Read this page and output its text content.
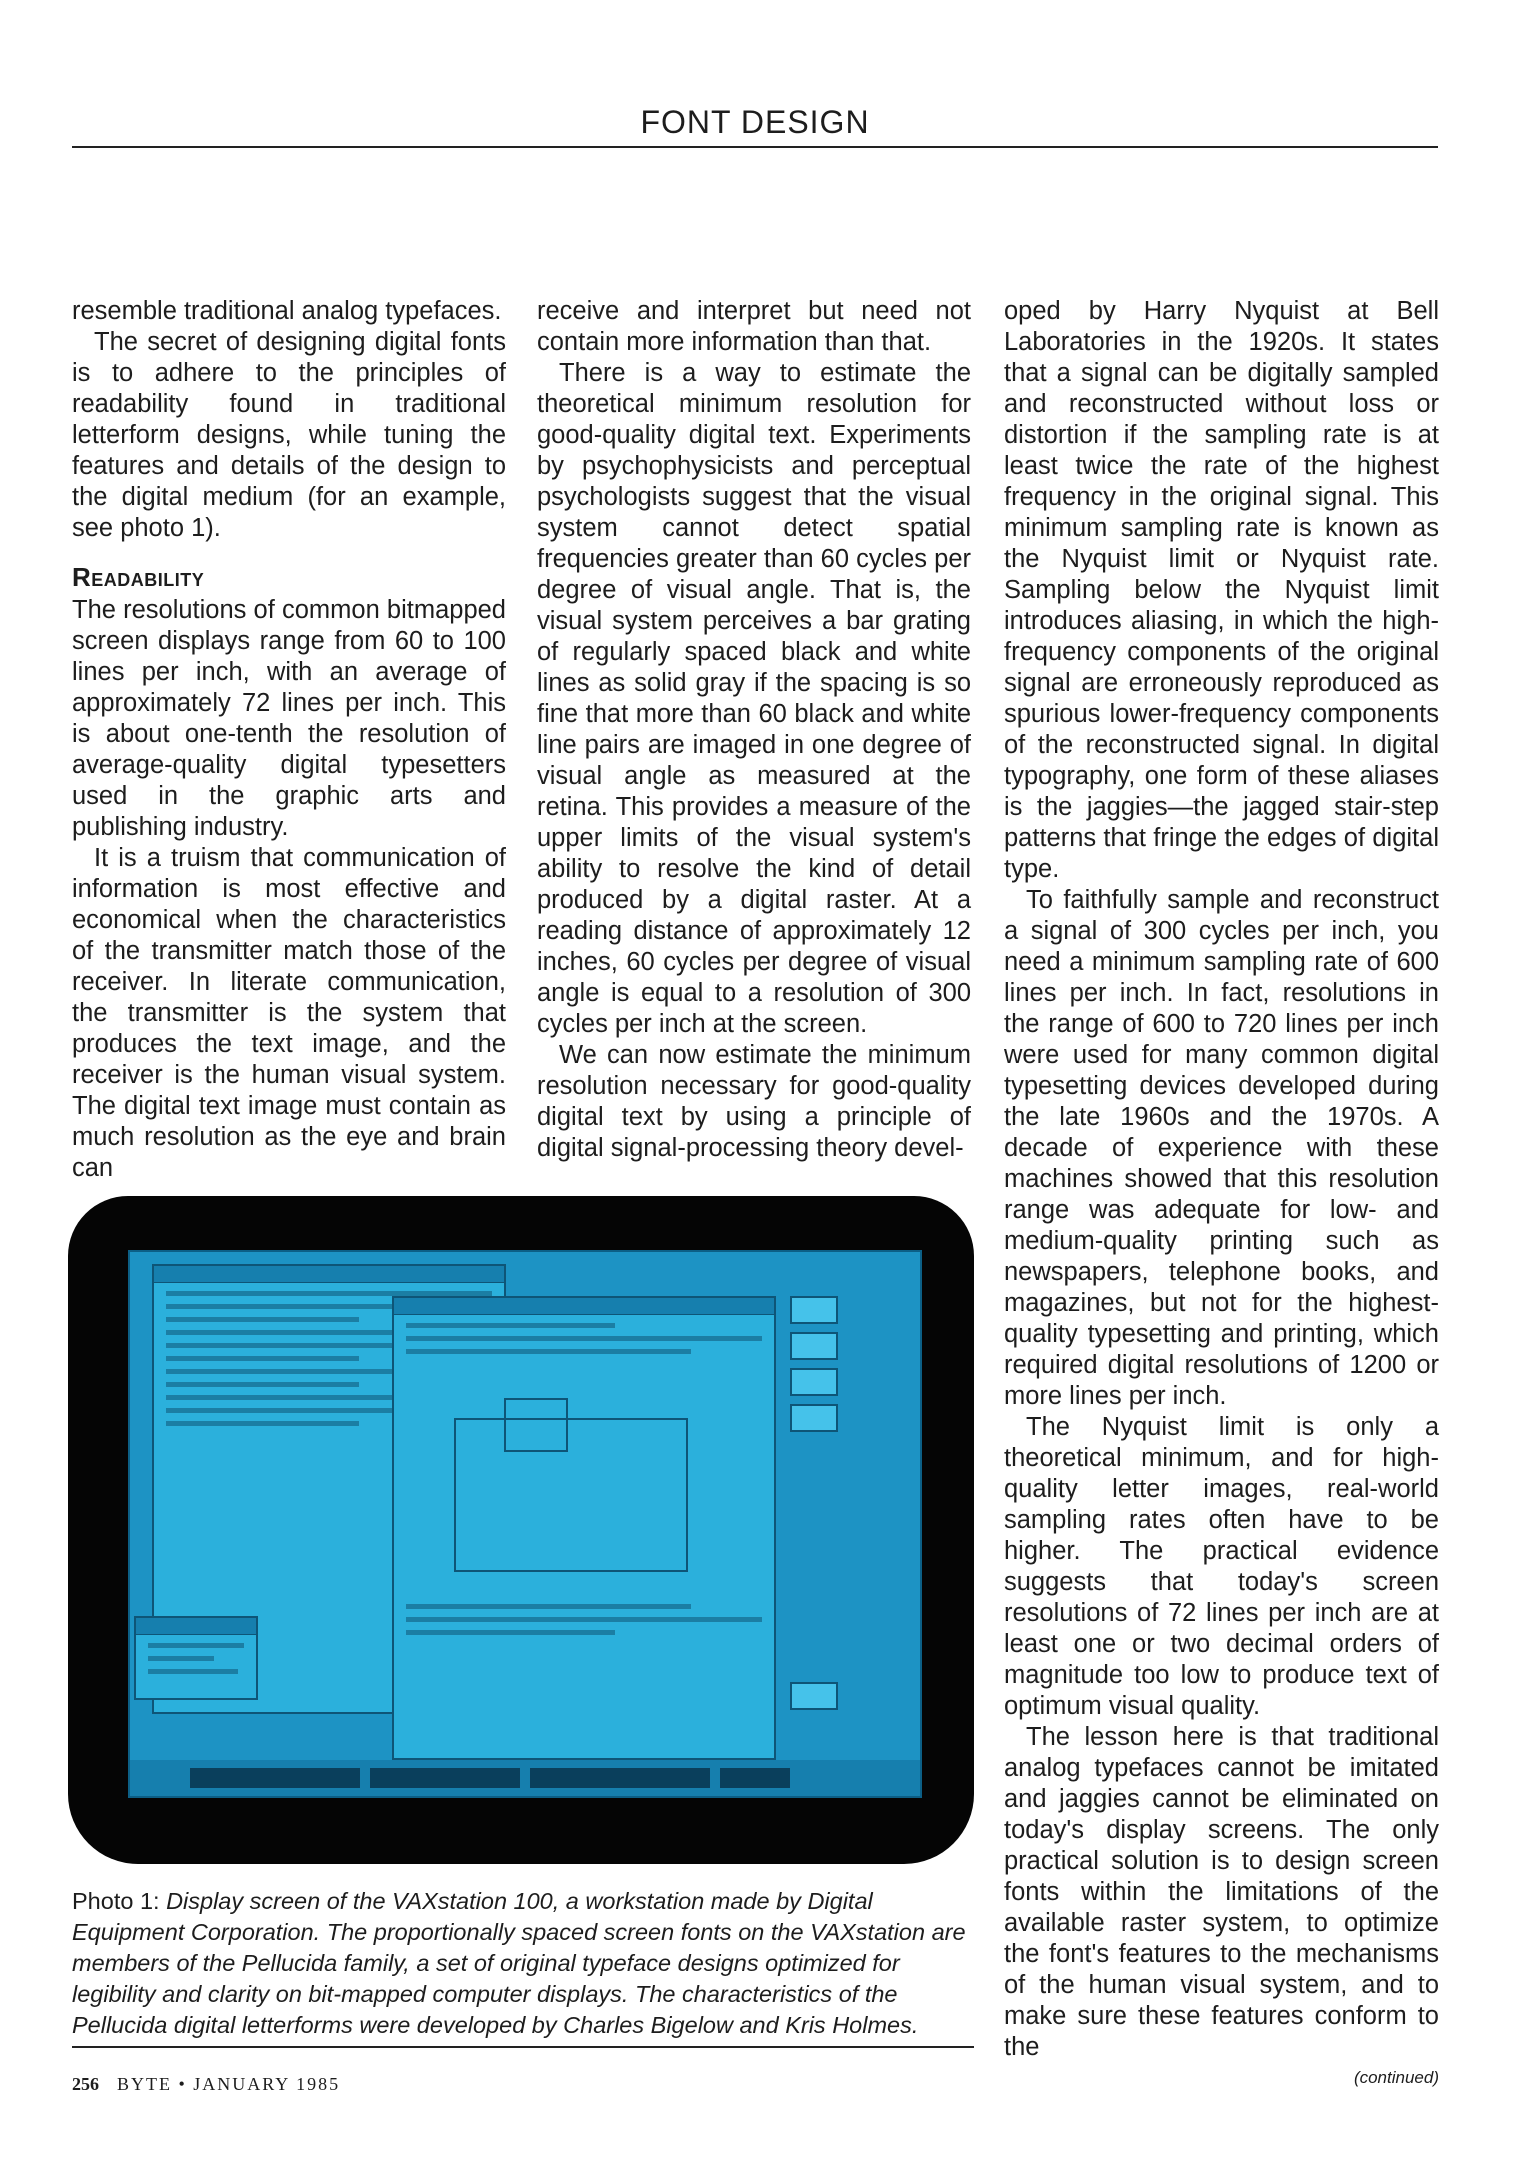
FONT DESIGN

resemble traditional analog typefaces.

The secret of designing digital fonts is to adhere to the principles of readability found in traditional letterform designs, while tuning the features and details of the design to the digital medium (for an example, see photo 1).

Readability

The resolutions of common bitmapped screen displays range from 60 to 100 lines per inch, with an average of approximately 72 lines per inch. This is about one-tenth the resolution of average-quality digital typesetters used in the graphic arts and publishing industry.

It is a truism that communication of information is most effective and economical when the characteristics of the transmitter match those of the receiver. In literate communication, the transmitter is the system that produces the text image, and the receiver is the human visual system. The digital text image must contain as much resolution as the eye and brain can

receive and interpret but need not contain more information than that.

There is a way to estimate the theoretical minimum resolution for good-quality digital text. Experiments by psychophysicists and perceptual psychologists suggest that the visual system cannot detect spatial frequencies greater than 60 cycles per degree of visual angle. That is, the visual system perceives a bar grating of regularly spaced black and white lines as solid gray if the spacing is so fine that more than 60 black and white line pairs are imaged in one degree of visual angle as measured at the retina. This provides a measure of the upper limits of the visual system's ability to resolve the kind of detail produced by a digital raster. At a reading distance of approximately 12 inches, 60 cycles per degree of visual angle is equal to a resolution of 300 cycles per inch at the screen.

We can now estimate the minimum resolution necessary for good-quality digital text by using a principle of digital signal-processing theory devel-

oped by Harry Nyquist at Bell Laboratories in the 1920s. It states that a signal can be digitally sampled and reconstructed without loss or distortion if the sampling rate is at least twice the rate of the highest frequency in the original signal. This minimum sampling rate is known as the Nyquist limit or Nyquist rate. Sampling below the Nyquist limit introduces aliasing, in which the high-frequency components of the original signal are erroneously reproduced as spurious lower-frequency components of the reconstructed signal. In digital typography, one form of these aliases is the jaggies—the jagged stair-step patterns that fringe the edges of digital type.

To faithfully sample and reconstruct a signal of 300 cycles per inch, you need a minimum sampling rate of 600 lines per inch. In fact, resolutions in the range of 600 to 720 lines per inch were used for many common digital typesetting devices developed during the late 1960s and the 1970s. A decade of experience with these machines showed that this resolution range was adequate for low- and medium-quality printing such as newspapers, telephone books, and magazines, but not for the highest-quality typesetting and printing, which required digital resolutions of 1200 or more lines per inch.

The Nyquist limit is only a theoretical minimum, and for high-quality letter images, real-world sampling rates often have to be higher. The practical evidence suggests that today's screen resolutions of 72 lines per inch are at least one or two decimal orders of magnitude too low to produce text of optimum visual quality.

The lesson here is that traditional analog typefaces cannot be imitated and jaggies cannot be eliminated on today's display screens. The only practical solution is to design screen fonts within the limitations of the available raster system, to optimize the font's features to the mechanisms of the human visual system, and to make sure these features conform to the

(continued)
Photo 1: Display screen of the VAXstation 100, a workstation made by Digital Equipment Corporation. The proportionally spaced screen fonts on the VAXstation are members of the Pellucida family, a set of original typeface designs optimized for legibility and clarity on bit-mapped computer displays. The characteristics of the Pellucida digital letterforms were developed by Charles Bigelow and Kris Holmes.
256 BYTE • JANUARY 1985
